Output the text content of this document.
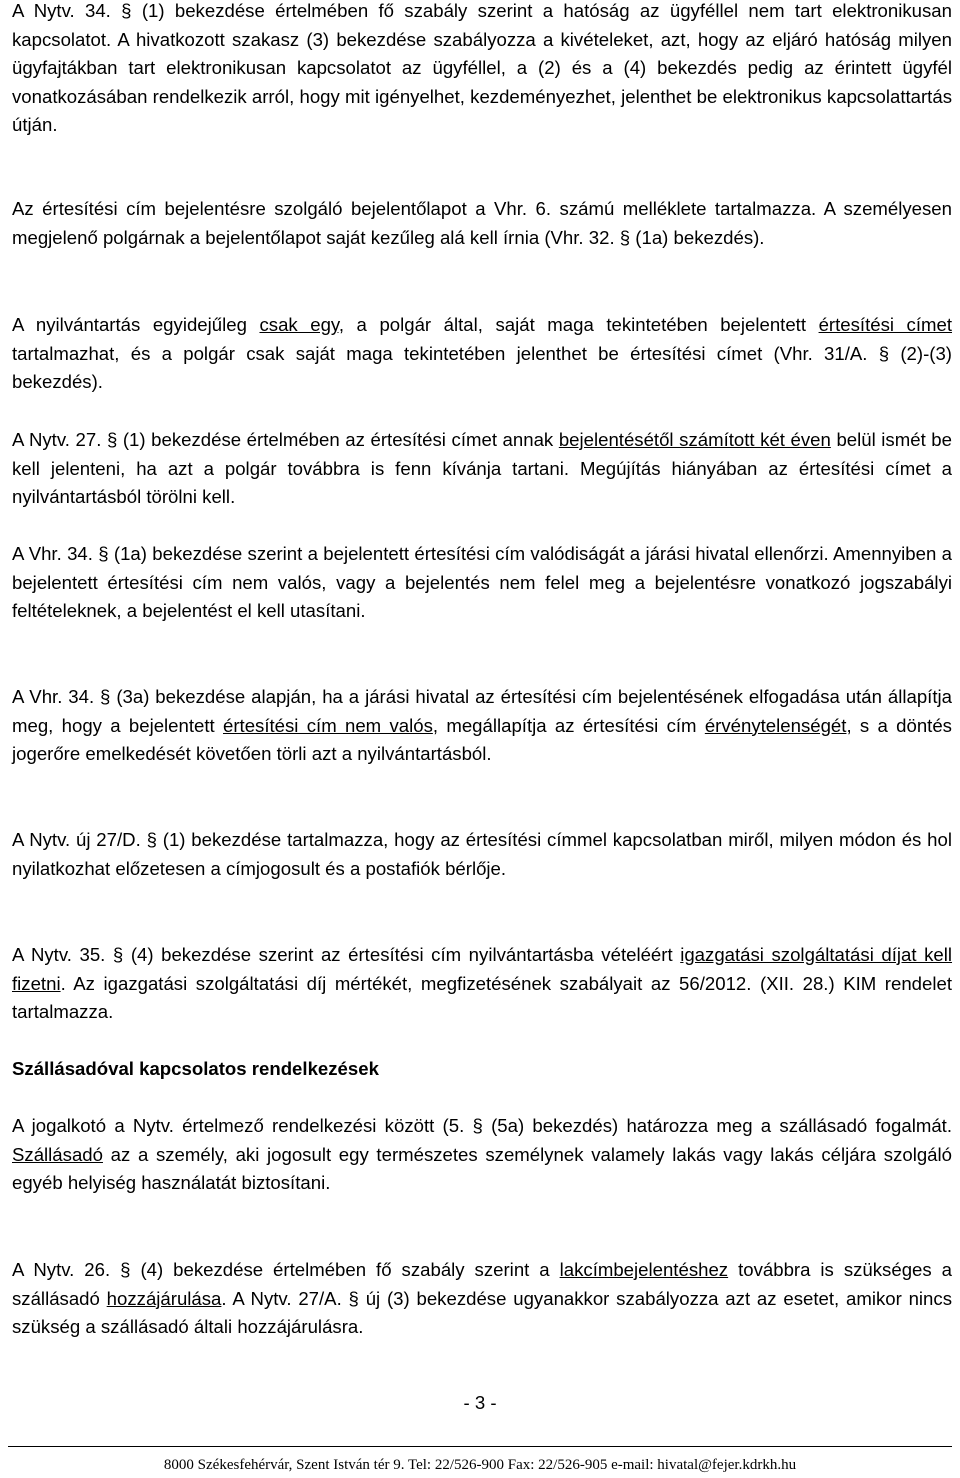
A Nytv. 34. § (1) bekezdése értelmében fő szabály szerint a hatóság az ügyféllel nem tart elektronikusan kapcsolatot. A hivatkozott szakasz (3) bekezdése szabályozza a kivételeket, azt, hogy az eljáró hatóság milyen ügyfajtákban tart elektronikusan kapcsolatot az ügyféllel, a (2) és a (4) bekezdés pedig az érintett ügyfél vonatkozásában rendelkezik arról, hogy mit igényelhet, kezdeményezhet, jelenthet be elektronikus kapcsolattartás útján.

Az értesítési cím bejelentésre szolgáló bejelentőlapot a Vhr. 6. számú melléklete tartalmazza. A személyesen megjelenő polgárnak a bejelentőlapot saját kezűleg alá kell írnia (Vhr. 32. § (1a) bekezdés).

A nyilvántartás egyidejűleg csak egy, a polgár által, saját maga tekintetében bejelentett értesítési címet tartalmazhat, és a polgár csak saját maga tekintetében jelenthet be értesítési címet (Vhr. 31/A. § (2)-(3) bekezdés).

A Nytv. 27. § (1) bekezdése értelmében az értesítési címet annak bejelentésétől számított két éven belül ismét be kell jelenteni, ha azt a polgár továbbra is fenn kívánja tartani. Megújítás hiányában az értesítési címet a nyilvántartásból törölni kell.

A Vhr. 34. § (1a) bekezdése szerint a bejelentett értesítési cím valódiságát a járási hivatal ellenőrzi. Amennyiben a bejelentett értesítési cím nem valós, vagy a bejelentés nem felel meg a bejelentésre vonatkozó jogszabályi feltételeknek, a bejelentést el kell utasítani.

A Vhr. 34. § (3a) bekezdése alapján, ha a járási hivatal az értesítési cím bejelentésének elfogadása után állapítja meg, hogy a bejelentett értesítési cím nem valós, megállapítja az értesítési cím érvénytelenségét, s a döntés jogerőre emelkedését követően törli azt a nyilvántartásból.

A Nytv. új 27/D. § (1) bekezdése tartalmazza, hogy az értesítési címmel kapcsolatban miről, milyen módon és hol nyilatkozhat előzetesen a címjogosult és a postafiók bérlője.

A Nytv. 35. § (4) bekezdése szerint az értesítési cím nyilvántartásba vételéért igazgatási szolgáltatási díjat kell fizetni. Az igazgatási szolgáltatási díj mértékét, megfizetésének szabályait az 56/2012. (XII. 28.) KIM rendelet tartalmazza.

Szállásadóval kapcsolatos rendelkezések

A jogalkotó a Nytv. értelmező rendelkezési között (5. § (5a) bekezdés) határozza meg a szállásadó fogalmát. Szállásadó az a személy, aki jogosult egy természetes személynek valamely lakás vagy lakás céljára szolgáló egyéb helyiség használatát biztosítani.

A Nytv. 26. § (4) bekezdése értelmében fő szabály szerint a lakcímbejelentéshez továbbra is szükséges a szállásadó hozzájárulása. A Nytv. 27/A. § új (3) bekezdése ugyanakkor szabályozza azt az esetet, amikor nincs szükség a szállásadó általi hozzájárulásra.

- 3 -
8000 Székesfehérvár, Szent István tér 9. Tel: 22/526-900 Fax: 22/526-905 e-mail: hivatal@fejer.kdrkh.hu
